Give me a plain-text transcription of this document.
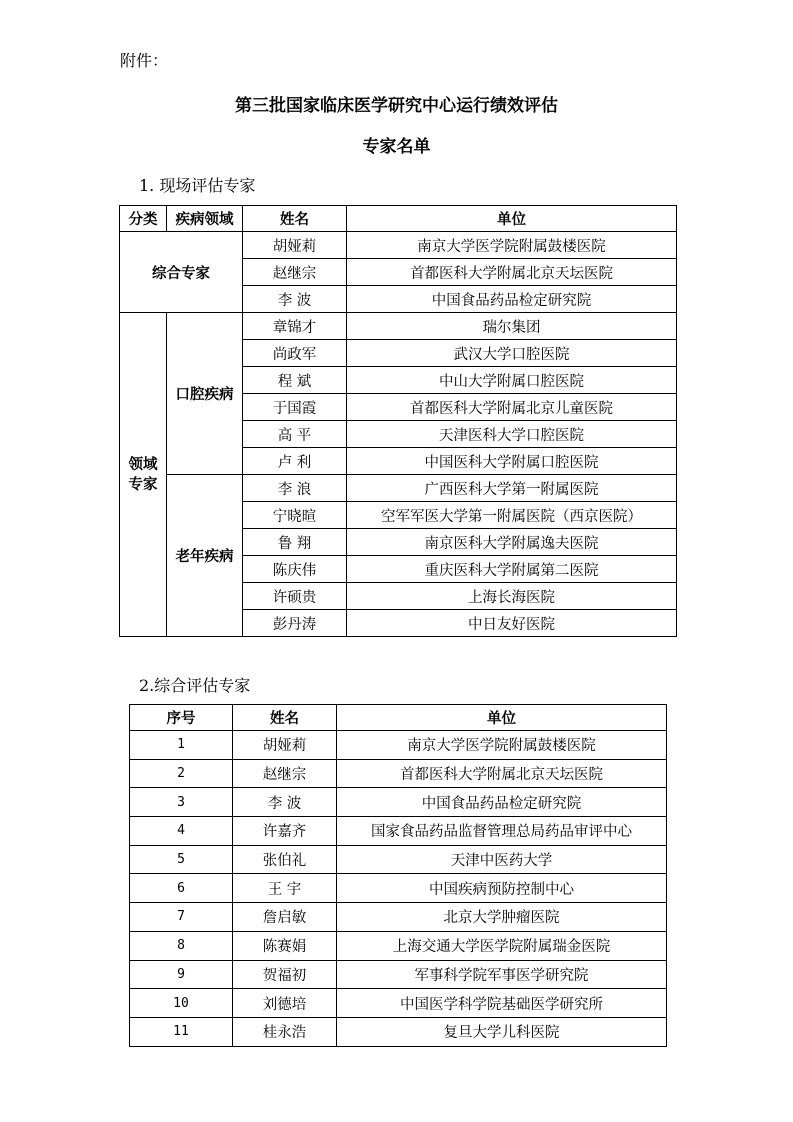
附件：
第三批国家临床医学研究中心运行绩效评估
专家名单
1. 现场评估专家
分类	疾病领域	姓名	单位
综合专家		胡娅莉	南京大学医学院附属鼓楼医院
		赵继宗	首都医科大学附属北京天坛医院
		李 波	中国食品药品检定研究院
领域
专家	口腔疾病	章锦才	瑞尔集团
		尚政军	武汉大学口腔医院
		程 斌	中山大学附属口腔医院
		于国霞	首都医科大学附属北京儿童医院
		高 平	天津医科大学口腔医院
		卢 利	中国医科大学附属口腔医院
	老年疾病	李 浪	广西医科大学第一附属医院
		宁晓暄	空军军医大学第一附属医院（西京医院）
		鲁 翔	南京医科大学附属逸夫医院
		陈庆伟	重庆医科大学附属第二医院
		许硕贵	上海长海医院
		彭丹涛	中日友好医院
2.综合评估专家
序号	姓名	单位
1	胡娅莉	南京大学医学院附属鼓楼医院
2	赵继宗	首都医科大学附属北京天坛医院
3	李 波	中国食品药品检定研究院
4	许嘉齐	国家食品药品监督管理总局药品审评中心
5	张伯礼	天津中医药大学
6	王 宇	中国疾病预防控制中心
7	詹启敏	北京大学肿瘤医院
8	陈赛娟	上海交通大学医学院附属瑞金医院
9	贺福初	军事科学院军事医学研究院
10	刘德培	中国医学科学院基础医学研究所
11	桂永浩	复旦大学儿科医院
